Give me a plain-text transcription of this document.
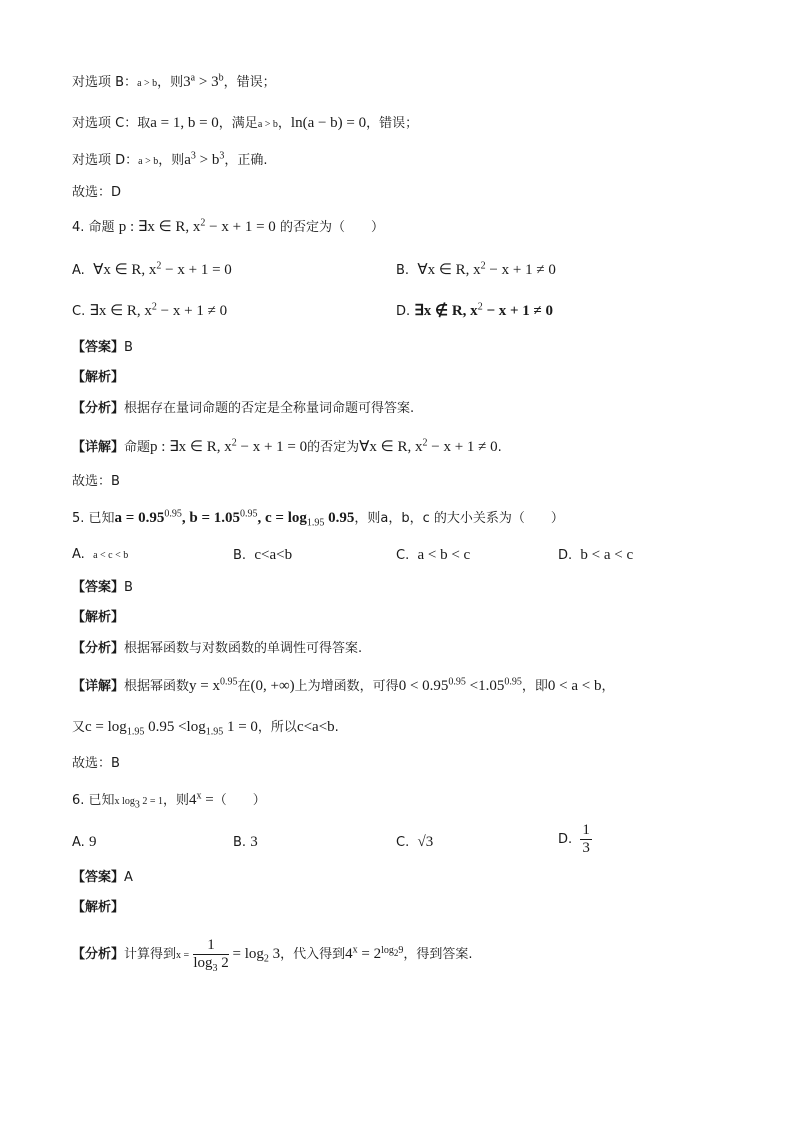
对选项 B：a > b，则$3^a > 3^b$，错误；
对选项 C：取a = 1, b = 0，满足a > b，ln(a − b) = 0，错误；
对选项 D：a > b，则$a^3 > b^3$，正确.
故选：D
4. 命题 p : ∃x ∈ R, $x^2 - x + 1 = 0$ 的否定为（　　）
A. ∀x ∈ R, $x^2 - x + 1 = 0$	B. ∀x ∈ R, $x^2 - x + 1 \ne 0$
C. ∃x ∈ R, $x^2 - x + 1 \ne 0$	D. ∃x ∉ R, $x^2 - x + 1 \ne 0$
【答案】B
【解析】
【分析】根据存在量词命题的否定是全称量词命题可得答案.
【详解】命题p : ∃x ∈ R, $x^2 - x + 1 = 0$的否定为∀x ∈ R, $x^2 - x + 1 \ne 0$.
故选：B
5. 已知$a = 0.95^{0.95}$, $b = 1.05^{0.95}$, $c = \log_{1.95} 0.95$，则a，b，c 的大小关系为（　　）
A. a < c < b	B. c<a<b	C. a < b < c	D. b < a < c
【答案】B
【解析】
【分析】根据幂函数与对数函数的单调性可得答案.
【详解】根据幂函数$y = x^{0.95}$在(0, +∞)上为增函数，可得$0 < 0.95^{0.95} <1.05^{0.95}$，即0 < a < b，
又$c = \log_{1.95} 0.95 <\log_{1.95}$ 1 = 0，所以c<a<b.
故选：B
6. 已知x $\log_3 2 = 1$，则$4^x$ =（　　）
A. 9	B. 3	C. √3	D. $\frac{1}{3}$
【答案】A
【解析】
【分析】计算得到$x = \frac{1}{\log_3 2} = \log_2 3$，代入得到$4^x = 2^{log_29}$，得到答案.
